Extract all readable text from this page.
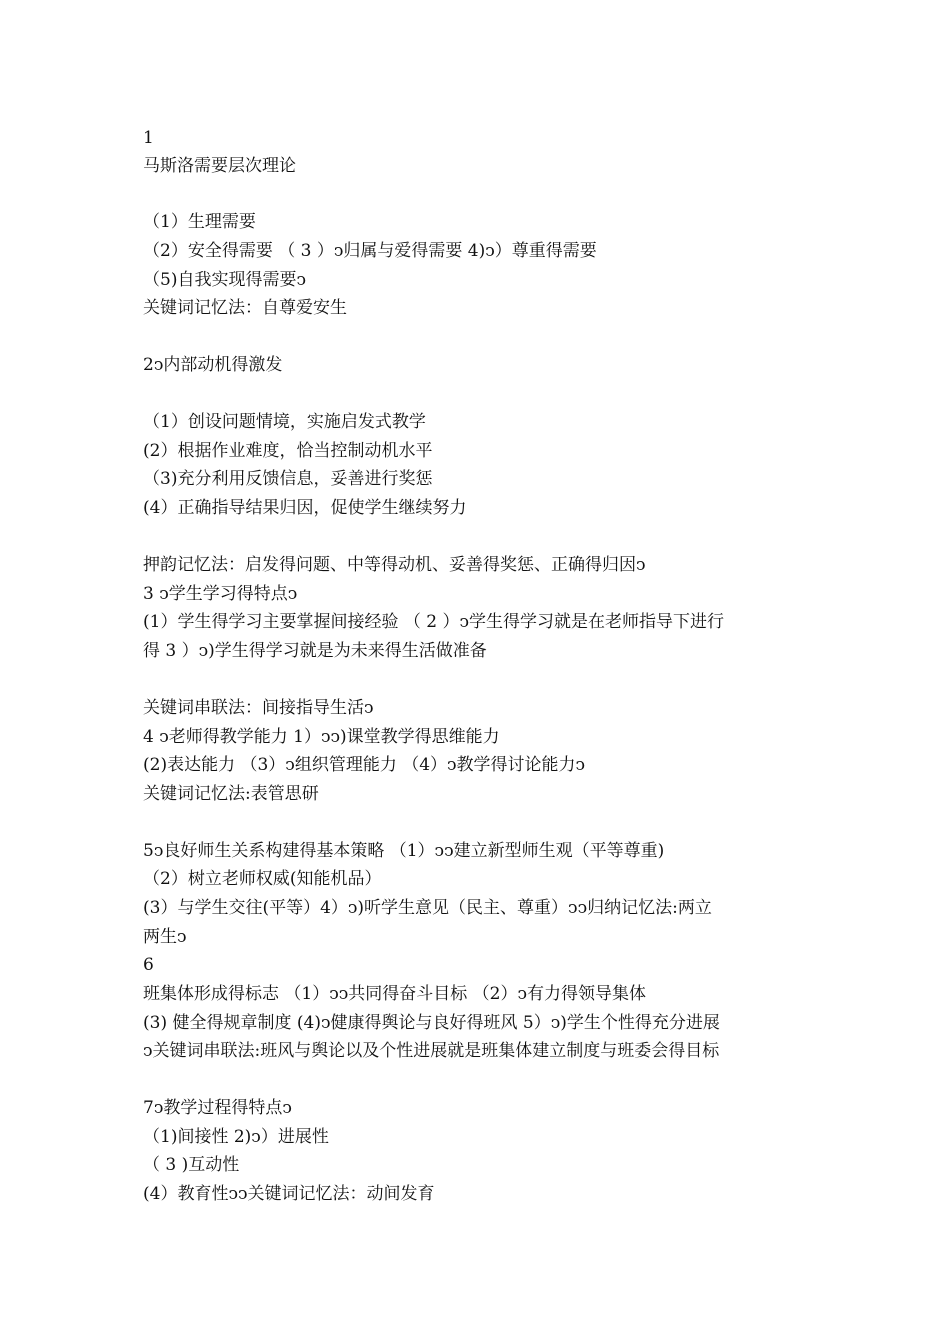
1
马斯洛需要层次理论
（1）生理需要
（2）安全得需要 （ 3 ）ↄ归属与爱得需要 4)ↄ）尊重得需要
（5)自我实现得需要ↄ
关键词记忆法：自尊爱安生
2ↄ内部动机得激发
（1）创设问题情境，实施启发式教学
(2）根据作业难度，恰当控制动机水平
（3)充分利用反馈信息，妥善进行奖惩
(4）正确指导结果归因，促使学生继续努力
押韵记忆法：启发得问题、中等得动机、妥善得奖惩、正确得归因ↄ
3 ↄ学生学习得特点ↄ
(1）学生得学习主要掌握间接经验 （ 2 ）ↄ学生得学习就是在老师指导下进行
得 3 ）ↄ)学生得学习就是为未来得生活做准备
关键词串联法：间接指导生活ↄ
4 ↄ老师得教学能力 1）ↄↄ)课堂教学得思维能力
(2)表达能力 （3）ↄ组织管理能力 （4）ↄ教学得讨论能力ↄ
关键词记忆法:表管思研
5ↄ良好师生关系构建得基本策略 （1）ↄↄ建立新型师生观（平等尊重)
（2）树立老师权威(知能机品）
(3）与学生交往(平等）4）ↄ)听学生意见（民主、尊重）ↄↄ归纳记忆法:两立
两生ↄ
6
班集体形成得标志 （1）ↄↄ共同得奋斗目标 （2）ↄ有力得领导集体
(3) 健全得规章制度 (4)ↄ健康得舆论与良好得班风 5）ↄ)学生个性得充分进展
ↄ关键词串联法:班风与舆论以及个性进展就是班集体建立制度与班委会得目标
7ↄ教学过程得特点ↄ
（1)间接性 2)ↄ）进展性
（ 3 )互动性
(4）教育性ↄↄ关键词记忆法：动间发育
